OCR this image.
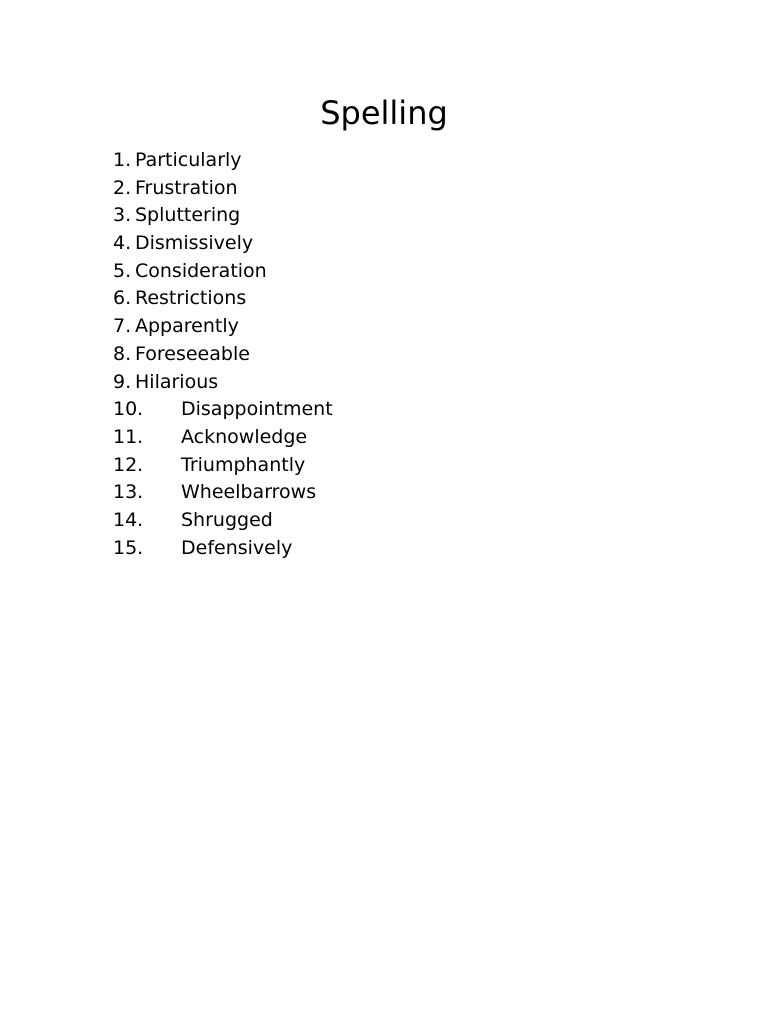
Spelling
1. Particularly
2. Frustration
3. Spluttering
4. Dismissively
5. Consideration
6. Restrictions
7. Apparently
8. Foreseeable
9. Hilarious
10. Disappointment
11. Acknowledge
12. Triumphantly
13. Wheelbarrows
14. Shrugged
15. Defensively
